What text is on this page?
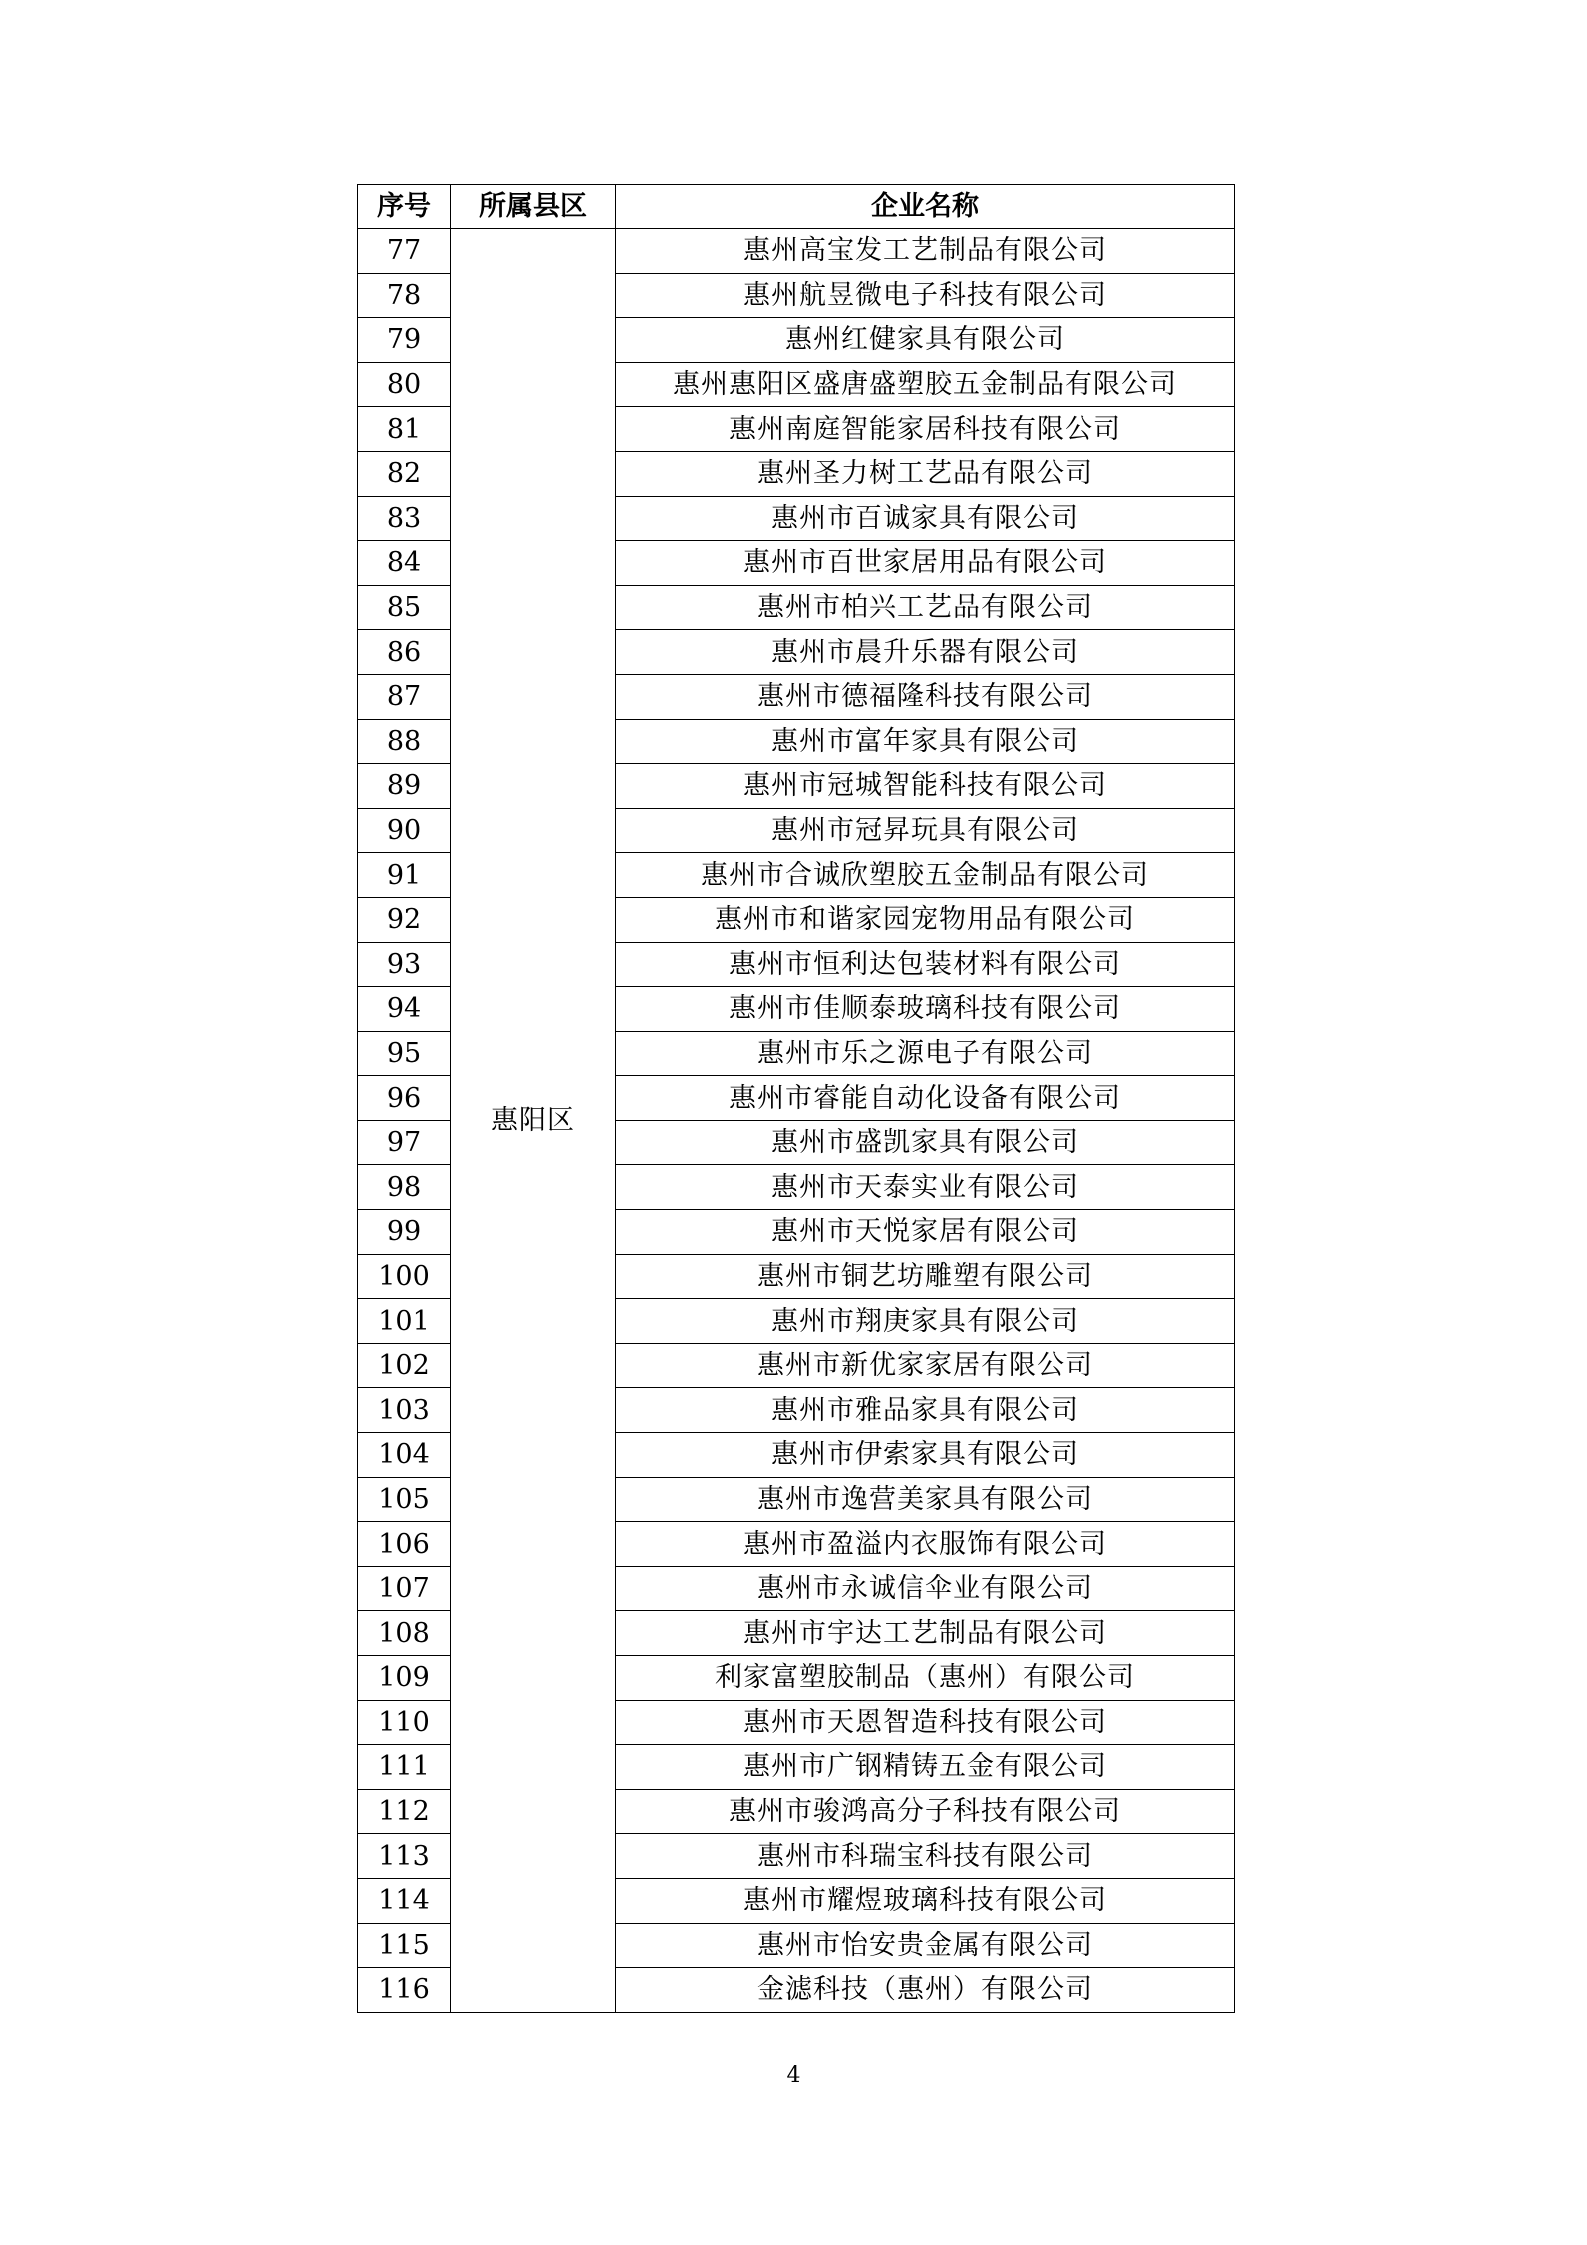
序号	所属县区	企业名称
77	惠阳区	惠州高宝发工艺制品有限公司
78		惠州航昱微电子科技有限公司
79		惠州红健家具有限公司
80		惠州惠阳区盛唐盛塑胶五金制品有限公司
81		惠州南庭智能家居科技有限公司
82		惠州圣力树工艺品有限公司
83		惠州市百诚家具有限公司
84		惠州市百世家居用品有限公司
85		惠州市柏兴工艺品有限公司
86		惠州市晨升乐器有限公司
87		惠州市德福隆科技有限公司
88		惠州市富年家具有限公司
89		惠州市冠城智能科技有限公司
90		惠州市冠昇玩具有限公司
91		惠州市合诚欣塑胶五金制品有限公司
92		惠州市和谐家园宠物用品有限公司
93		惠州市恒利达包装材料有限公司
94		惠州市佳顺泰玻璃科技有限公司
95		惠州市乐之源电子有限公司
96		惠州市睿能自动化设备有限公司
97		惠州市盛凯家具有限公司
98		惠州市天泰实业有限公司
99		惠州市天悦家居有限公司
100		惠州市铜艺坊雕塑有限公司
101		惠州市翔庚家具有限公司
102		惠州市新优家家居有限公司
103		惠州市雅品家具有限公司
104		惠州市伊索家具有限公司
105		惠州市逸营美家具有限公司
106		惠州市盈溢内衣服饰有限公司
107		惠州市永诚信伞业有限公司
108		惠州市宇达工艺制品有限公司
109		利家富塑胶制品（惠州）有限公司
110		惠州市天恩智造科技有限公司
111		惠州市广钢精铸五金有限公司
112		惠州市骏鸿高分子科技有限公司
113		惠州市科瑞宝科技有限公司
114		惠州市耀煜玻璃科技有限公司
115		惠州市怡安贵金属有限公司
116		金滤科技（惠州）有限公司
4
